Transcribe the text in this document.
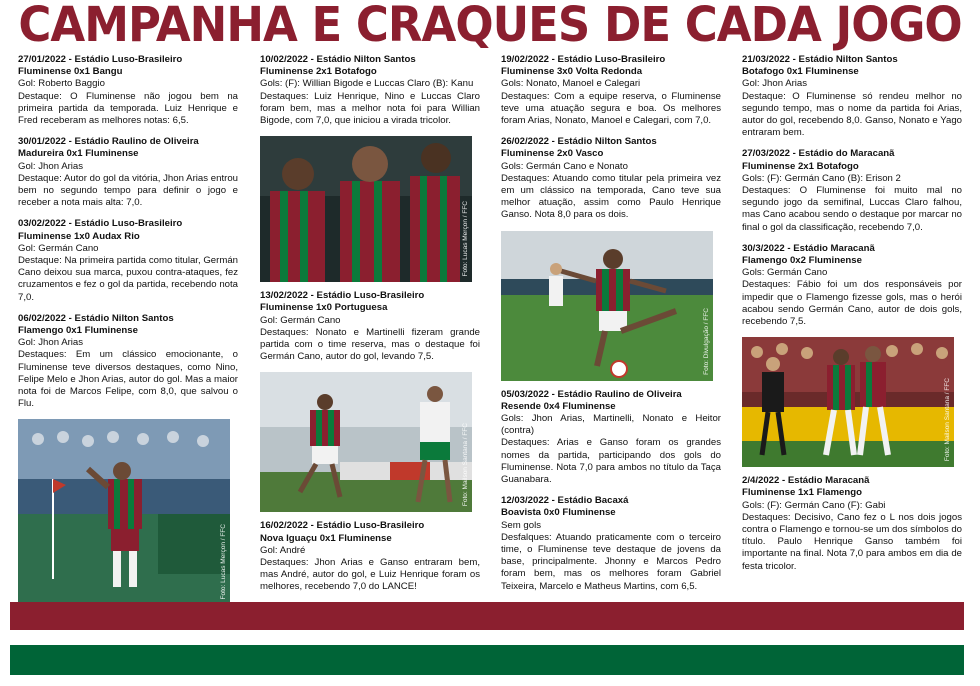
CAMPANHA E CRAQUES DE CADA JOGO
27/01/2022 - Estádio Luso-Brasileiro
Fluminense 0x1 Bangu

Gol: Roberto Baggio

Destaque: O Fluminense não jogou bem na primeira partida da temporada. Luiz Henrique e Fred receberam as melhores notas: 6,5.

30/01/2022 - Estádio Raulino de Oliveira
Madureira 0x1 Fluminense

Gol: Jhon Arias

Destaque: Autor do gol da vitória, Jhon Arias entrou bem no segundo tempo para definir o jogo e receber a nota mais alta: 7,0.

03/02/2022 - Estádio Luso-Brasileiro
Fluminense 1x0 Audax Rio

Gol: Germán Cano

Destaque: Na primeira partida como titular, Germán Cano deixou sua marca, puxou contra-ataques, fez cruzamentos e fez o gol da partida, recebendo nota 7,0.

06/02/2022 - Estádio Nilton Santos
Flamengo 0x1 Fluminense

Gol: Jhon Arias

Destaques: Em um clássico emocionante, o Fluminense teve diversos destaques, como Nino, Felipe Melo e Jhon Arias, autor do gol. Mas a maior nota foi de Marcos Felipe, com 8,0, que salvou o Flu.

Foto: Lucas Merçon / FFC
10/02/2022 - Estádio Nilton Santos
Fluminense 2x1 Botafogo

Gols: (F): Willian Bigode e Luccas Claro (B): Kanu

Destaques: Luiz Henrique, Nino e Luccas Claro foram bem, mas a melhor nota foi para Willian Bigode, com 7,0, que iniciou a virada tricolor.

Foto: Lucas Merçon / FFC
13/02/2022 - Estádio Luso-Brasileiro
Fluminense 1x0 Portuguesa

Gol: Germán Cano

Destaques: Nonato e Martinelli fizeram grande partida com o time reserva, mas o destaque foi Germán Cano, autor do gol, levando 7,5.

Foto: Mailson Santana / FFC
16/02/2022 - Estádio Luso-Brasileiro
Nova Iguaçu 0x1 Fluminense

Gol: André

Destaques: Jhon Arias e Ganso entraram bem, mas André, autor do gol, e Luiz Henrique foram os melhores, recebendo 7,0 do LANCE!

19/02/2022 - Estádio Luso-Brasileiro
Fluminense 3x0 Volta Redonda

Gols: Nonato, Manoel e Calegari

Destaques: Com a equipe reserva, o Fluminense teve uma atuação segura e boa. Os melhores foram Arias, Nonato, Manoel e Calegari, com 7,0.

26/02/2022 - Estádio Nilton Santos
Fluminense 2x0 Vasco

Gols: Germán Cano e Nonato

Destaques: Atuando como titular pela primeira vez em um clássico na temporada, Cano teve sua melhor atuação, assim como Paulo Henrique Ganso. Nota 8,0 para os dois.

Foto: Divulgação / FFC
05/03/2022 - Estádio Raulino de Oliveira
Resende 0x4 Fluminense

Gols: Jhon Arias, Martinelli, Nonato e Heitor (contra)

Destaques: Arias e Ganso foram os grandes nomes da partida, participando dos gols do Fluminense. Nota 7,0 para ambos no título da Taça Guanabara.

12/03/2022 - Estádio Bacaxá
Boavista 0x0 Fluminense

Sem gols

Desfalques: Atuando praticamente com o terceiro time, o Fluminense teve destaque de jovens da base, principalmente. Jhonny e Marcos Pedro foram bem, mas os melhores foram Gabriel Teixeira, Marcelo e Matheus Martins, com 6,5.

21/03/2022 - Estádio Nilton Santos
Botafogo 0x1 Fluminense

Gol: Jhon Arias

Destaque: O Fluminense só rendeu melhor no segundo tempo, mas o nome da partida foi Arias, autor do gol, recebendo 8,0. Ganso, Nonato e Yago entraram bem.

27/03/2022 - Estádio do Maracanã
Fluminense 2x1 Botafogo

Gols: (F): Germán Cano (B): Erison 2

Destaques: O Fluminense foi muito mal no segundo jogo da semifinal, Luccas Claro falhou, mas Cano acabou sendo o destaque por marcar no final o gol da classificação, recebendo 7,0.

30/3/2022 - Estádio Maracanã
Flamengo 0x2 Fluminense

Gols: Germán Cano

Destaques: Fábio foi um dos responsáveis por impedir que o Flamengo fizesse gols, mas o herói acabou sendo Germán Cano, autor de dois gols, recebendo 7,5.

Foto: Mailson Santana / FFC
2/4/2022 - Estádio Maracanã
Fluminense 1x1 Flamengo

Gols: (F): Germán Cano (F): Gabi

Destaques: Decisivo, Cano fez o L nos dois jogos contra o Flamengo e tornou-se um dos símbolos do título. Paulo Henrique Ganso também foi importante na final. Nota 7,0 para ambos em dia de festa tricolor.
